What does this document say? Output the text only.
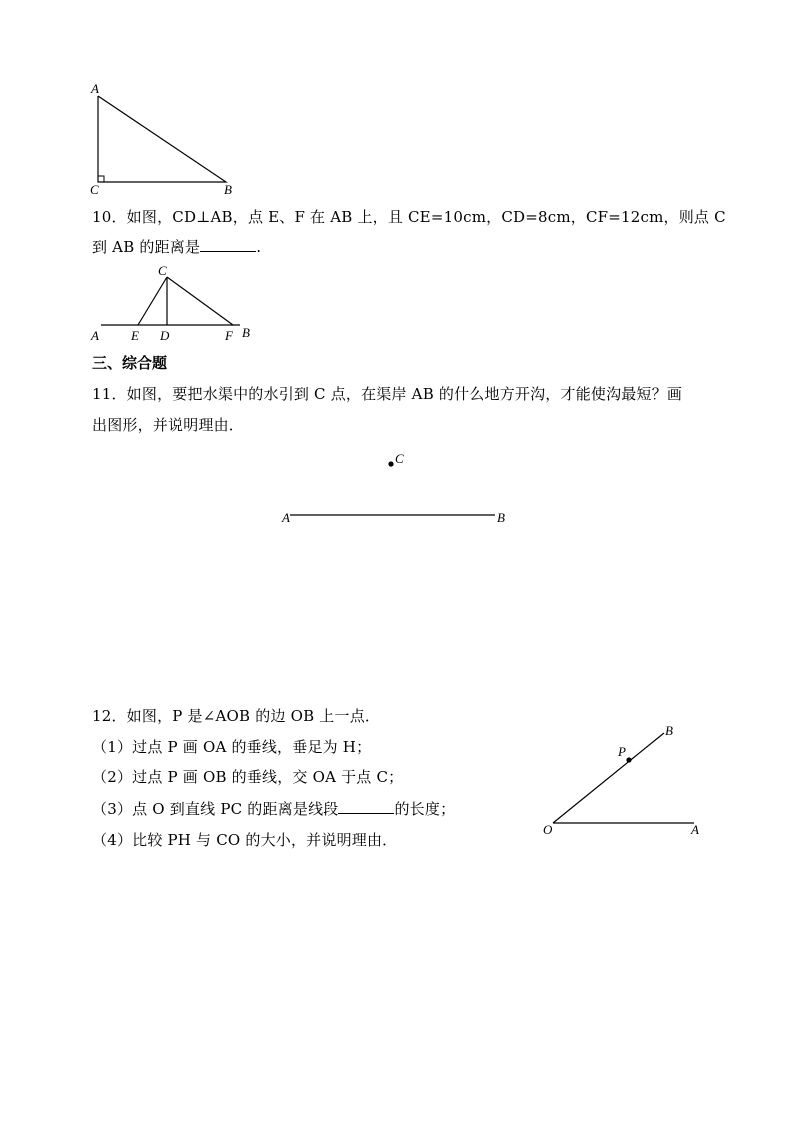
A
C	B
10．如图，CD⊥AB，点 E、F 在 AB 上，且 CE=10cm，CD=8cm，CF=12cm，则点 C
到 AB 的距离是	.
C
A E D	F B
三、综合题
11．如图，要把水渠中的水引到 C 点，在渠岸 AB 的什么地方开沟，才能使沟最短？画
出图形，并说明理由．
C
A	B
12．如图，P 是∠AOB 的边 OB 上一点．
（1）过点 P 画 OA 的垂线，垂足为 H；
（2）过点 P 画 OB 的垂线，交 OA 于点 C；
（3）点 O 到直线 PC 的距离是线段	的长度；
（4）比较 PH 与 CO 的大小，并说明理由．
B
P
O	A
